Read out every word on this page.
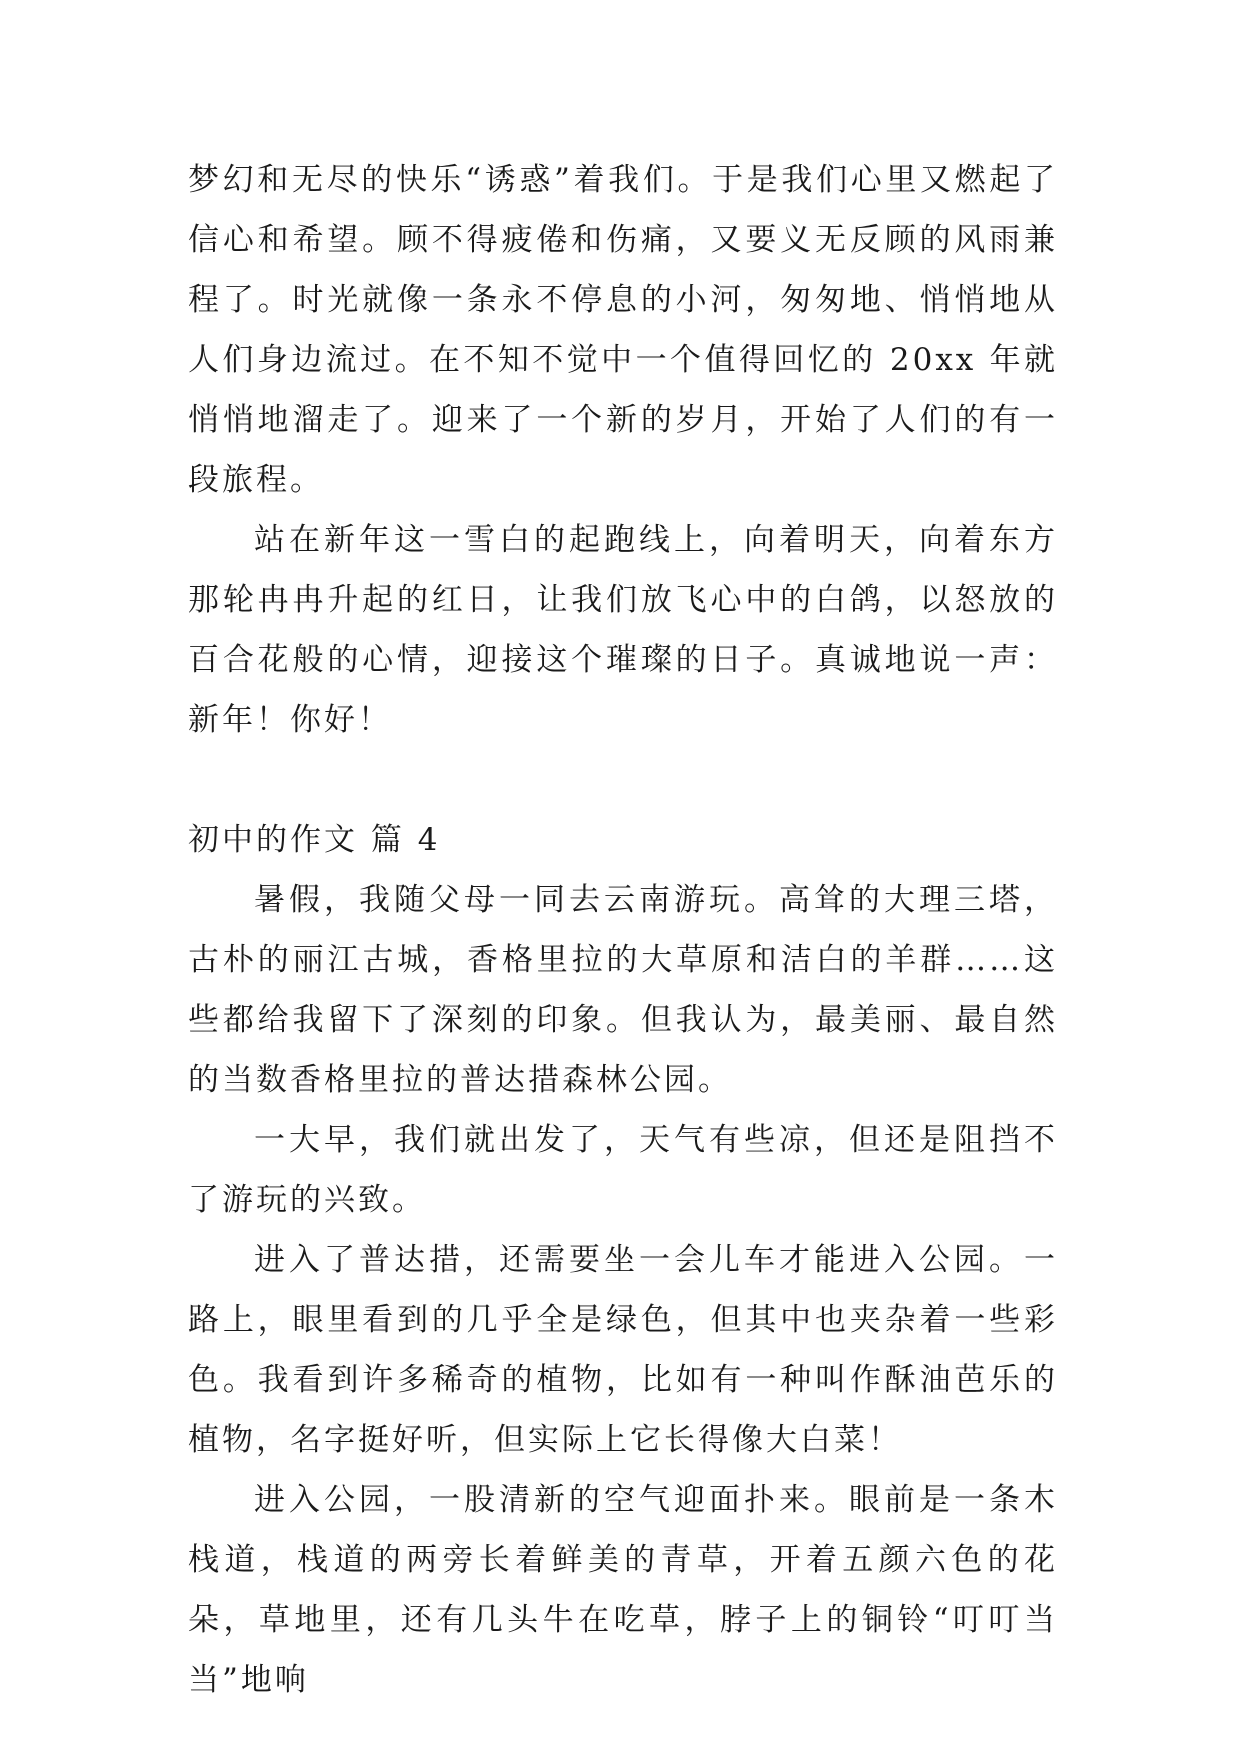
梦幻和无尽的快乐“诱惑”着我们。于是我们心里又燃起了信心和希望。顾不得疲倦和伤痛，又要义无反顾的风雨兼程了。时光就像一条永不停息的小河，匆匆地、悄悄地从人们身边流过。在不知不觉中一个值得回忆的 20xx 年就悄悄地溜走了。迎来了一个新的岁月，开始了人们的有一段旅程。

站在新年这一雪白的起跑线上，向着明天，向着东方那轮冉冉升起的红日，让我们放飞心中的白鸽，以怒放的百合花般的心情，迎接这个璀璨的日子。真诚地说一声：新年！你好！

初中的作文 篇 4

暑假，我随父母一同去云南游玩。高耸的大理三塔，古朴的丽江古城，香格里拉的大草原和洁白的羊群……这些都给我留下了深刻的印象。但我认为，最美丽、最自然的当数香格里拉的普达措森林公园。

一大早，我们就出发了，天气有些凉，但还是阻挡不了游玩的兴致。

进入了普达措，还需要坐一会儿车才能进入公园。一路上，眼里看到的几乎全是绿色，但其中也夹杂着一些彩色。我看到许多稀奇的植物，比如有一种叫作酥油芭乐的植物，名字挺好听，但实际上它长得像大白菜！

进入公园，一股清新的空气迎面扑来。眼前是一条木栈道，栈道的两旁长着鲜美的青草，开着五颜六色的花朵，草地里，还有几头牛在吃草，脖子上的铜铃“叮叮当当”地响
